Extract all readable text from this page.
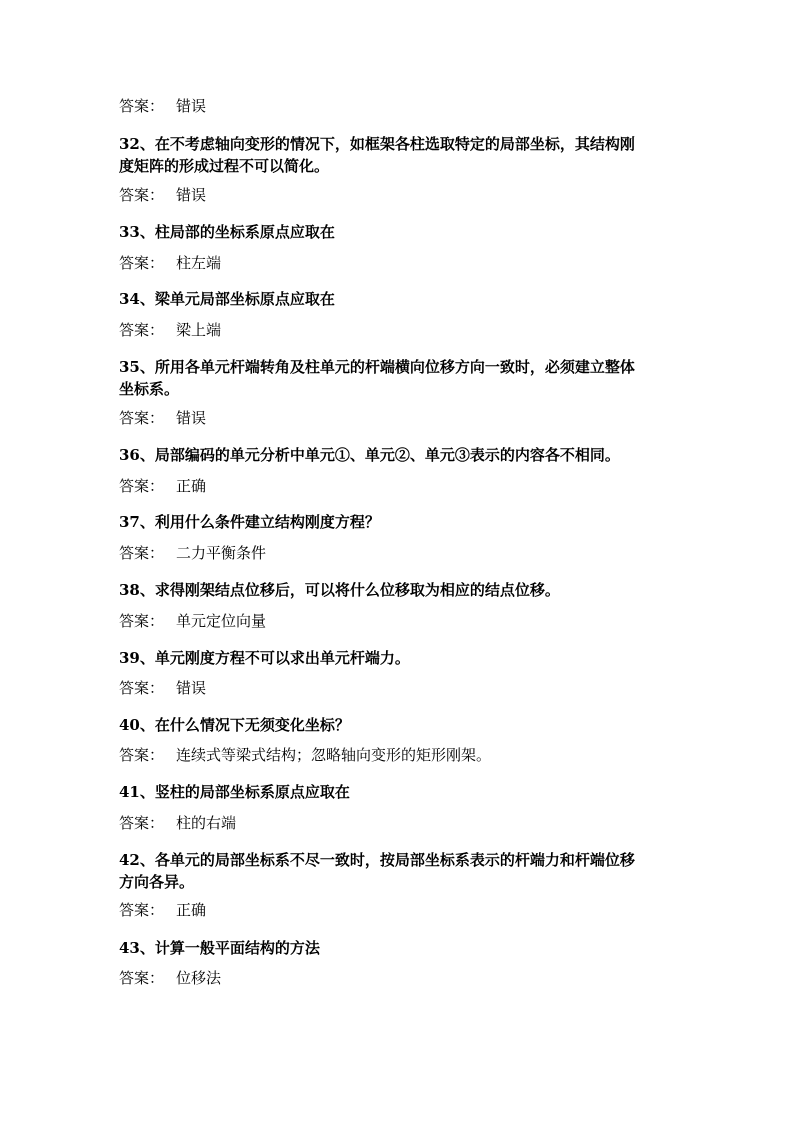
答案： 错误
32、在不考虑轴向变形的情况下，如框架各柱选取特定的局部坐标，其结构刚
度矩阵的形成过程不可以简化。
答案： 错误
33、柱局部的坐标系原点应取在
答案： 柱左端
34、梁单元局部坐标原点应取在
答案： 梁上端
35、所用各单元杆端转角及柱单元的杆端横向位移方向一致时，必须建立整体
坐标系。
答案： 错误
36、局部编码的单元分析中单元①、单元②、单元③表示的内容各不相同。
答案： 正确
37、利用什么条件建立结构刚度方程？
答案： 二力平衡条件
38、求得刚架结点位移后，可以将什么位移取为相应的结点位移。
答案： 单元定位向量
39、单元刚度方程不可以求出单元杆端力。
答案： 错误
40、在什么情况下无须变化坐标？
答案： 连续式等梁式结构；忽略轴向变形的矩形刚架。
41、竖柱的局部坐标系原点应取在
答案： 柱的右端
42、各单元的局部坐标系不尽一致时，按局部坐标系表示的杆端力和杆端位移
方向各异。
答案： 正确
43、计算一般平面结构的方法
答案： 位移法
